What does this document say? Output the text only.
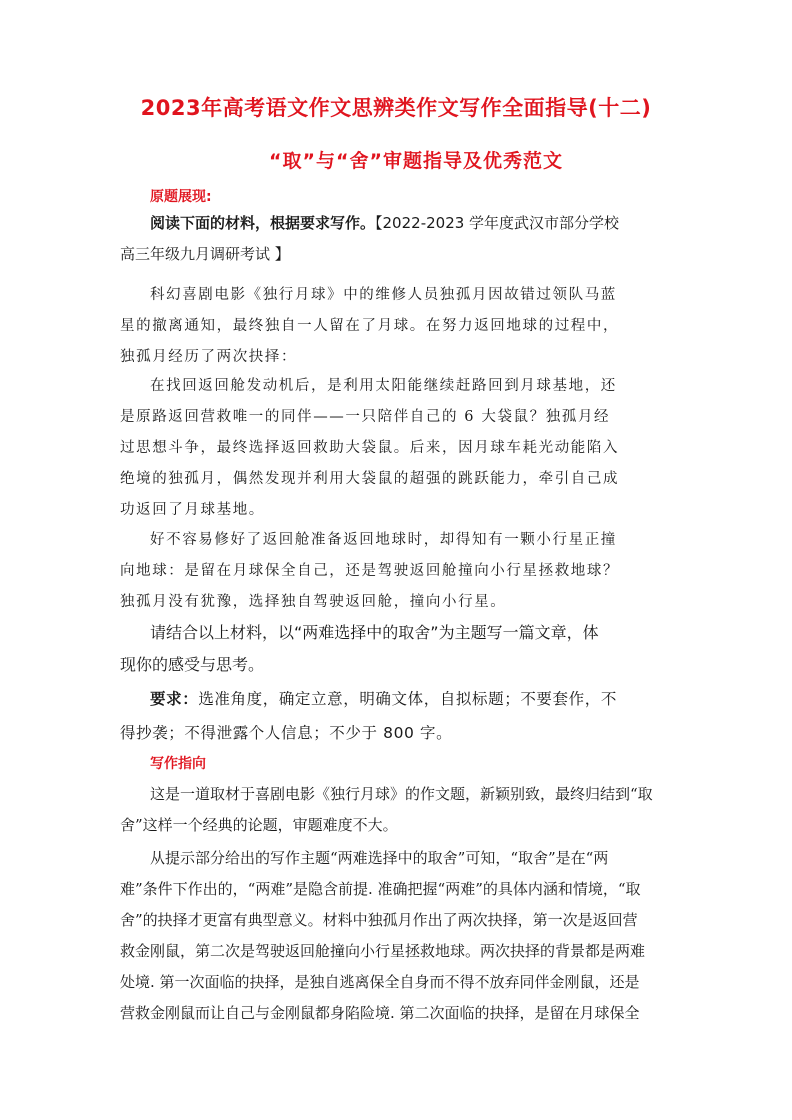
2023年高考语文作文思辨类作文写作全面指导(十二)
“取”与“舍”审题指导及优秀范文
原题展现:
阅读下面的材料，根据要求写作。【2022-2023 学年度武汉市部分学校
高三年级九月调研考试 】
科幻喜剧电影《独行月球》中的维修人员独孤月因故错过领队马蓝
星的撤离通知，最终独自一人留在了月球。在努力返回地球的过程中，
独孤月经历了两次抉择：
在找回返回舱发动机后，是利用太阳能继续赶路回到月球基地，还
是原路返回营救唯一的同伴——一只陪伴自己的 6 大袋鼠？独孤月经
过思想斗争，最终选择返回救助大袋鼠。后来，因月球车耗光动能陷入
绝境的独孤月，偶然发现并利用大袋鼠的超强的跳跃能力，牵引自己成
功返回了月球基地。
好不容易修好了返回舱准备返回地球时，却得知有一颗小行星正撞
向地球：是留在月球保全自己，还是驾驶返回舱撞向小行星拯救地球？
独孤月没有犹豫，选择独自驾驶返回舱，撞向小行星。
请结合以上材料，以“两难选择中的取舍”为主题写一篇文章，体
现你的感受与思考。
要求：选准角度，确定立意，明确文体，自拟标题；不要套作，不
得抄袭；不得泄露个人信息；不少于 800 字。
写作指向
这是一道取材于喜剧电影《独行月球》的作文题，新颖别致，最终归结到“取
舍”这样一个经典的论题，审题难度不大。
从提示部分给出的写作主题“两难选择中的取舍”可知，“取舍”是在“两
难”条件下作出的，“两难”是隐含前提. 准确把握“两难”的具体内涵和情境，“取
舍”的抉择才更富有典型意义。材料中独孤月作出了两次抉择，第一次是返回营
救金刚鼠，第二次是驾驶返回舱撞向小行星拯救地球。两次抉择的背景都是两难
处境. 第一次面临的抉择，是独自逃离保全自身而不得不放弃同伴金刚鼠，还是
营救金刚鼠而让自己与金刚鼠都身陷险境. 第二次面临的抉择，是留在月球保全
